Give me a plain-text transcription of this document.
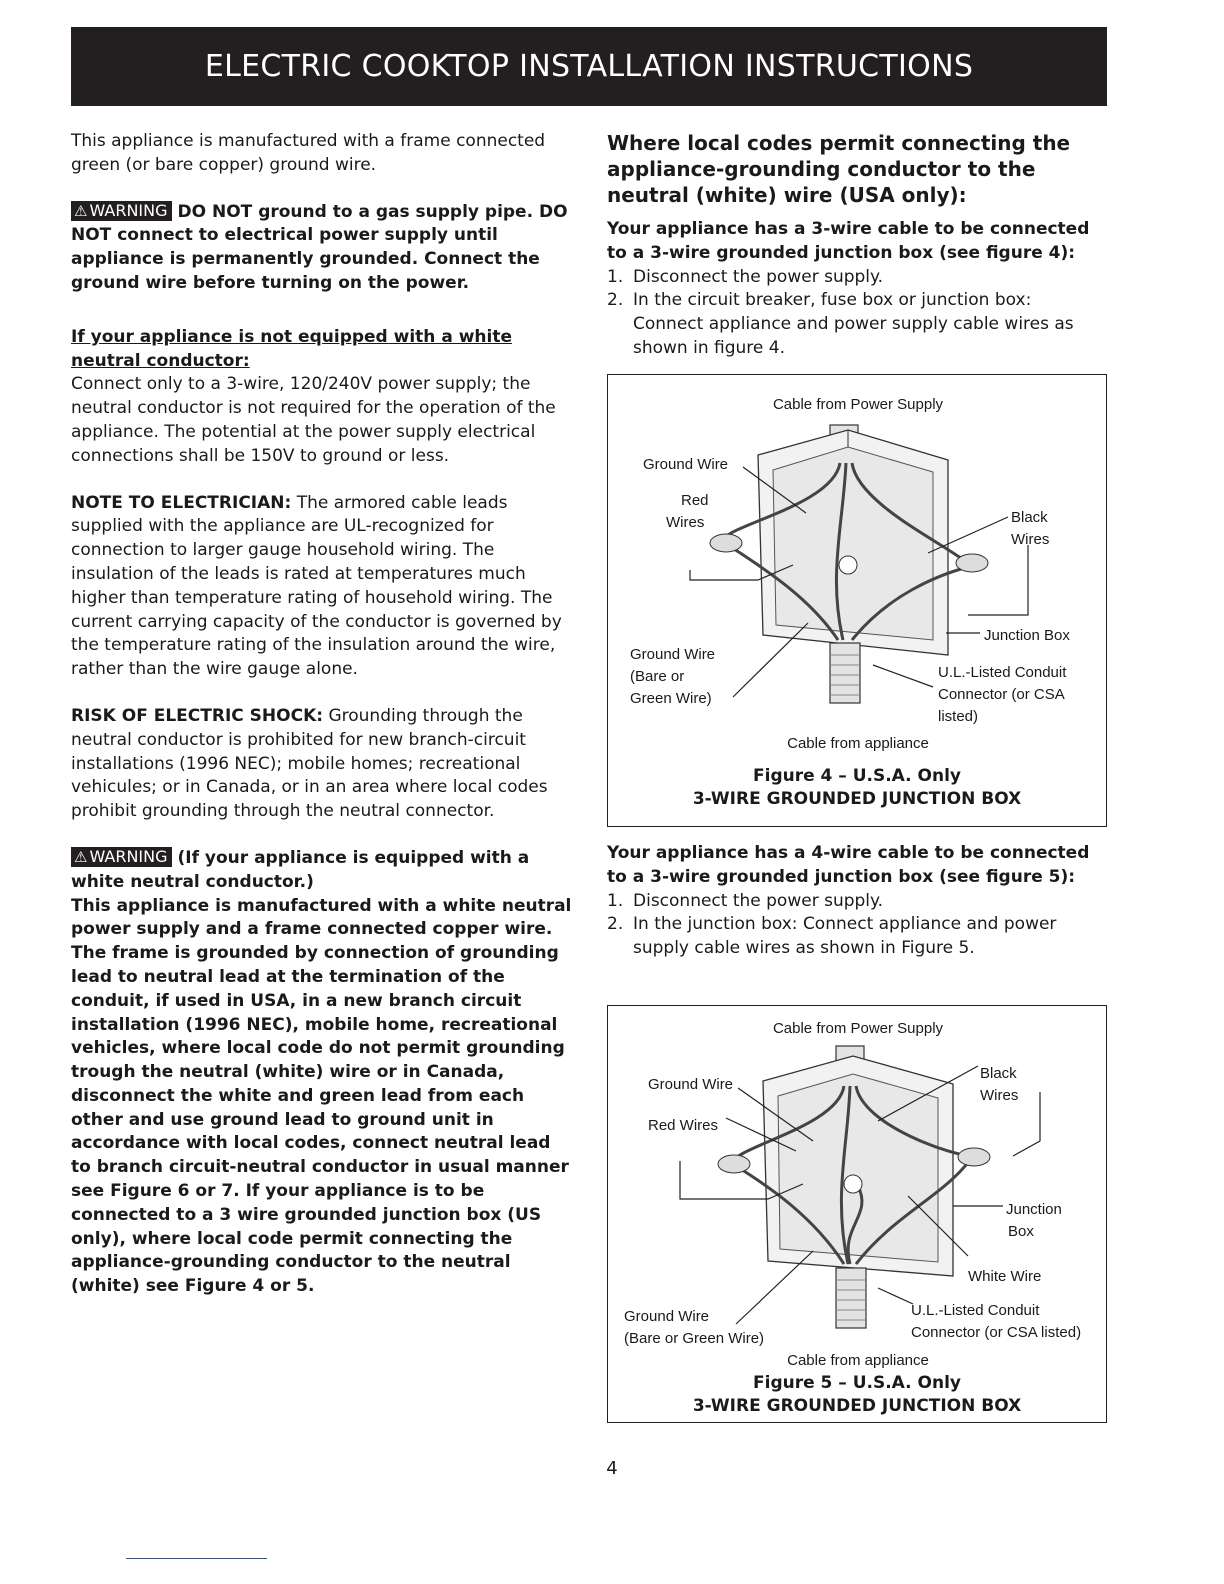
ELECTRIC COOKTOP INSTALLATION INSTRUCTIONS

This appliance is manufactured with a frame connected green (or bare copper) ground wire.

⚠ WARNING DO NOT ground to a gas supply pipe. DO NOT connect to electrical power supply until appliance is permanently grounded. Connect the ground wire before turning on the power.

If your appliance is not equipped with a white neutral conductor:

Connect only to a 3-wire, 120/240V power supply; the neutral conductor is not required for the operation of the appliance. The potential at the power supply electrical connections shall be 150V to ground or less.

NOTE TO ELECTRICIAN: The armored cable leads supplied with the appliance are UL-recognized for connection to larger gauge household wiring. The insulation of the leads is rated at temperatures much higher than temperature rating of household wiring. The current carrying capacity of the conductor is governed by the temperature rating of the insulation around the wire, rather than the wire gauge alone.

RISK OF ELECTRIC SHOCK: Grounding through the neutral conductor is prohibited for new branch-circuit installations (1996 NEC); mobile homes; recreational vehicules; or in Canada, or in an area where local codes prohibit grounding through the neutral connector.

⚠ WARNING (If your appliance is equipped with a white neutral conductor.)

This appliance is manufactured with a white neutral power supply and a frame connected copper wire. The frame is grounded by connection of grounding lead to neutral lead at the termination of the conduit, if used in USA, in a new branch circuit installation (1996 NEC), mobile home, recreational vehicles, where local code do not permit grounding trough the neutral (white) wire or in Canada, disconnect the white and green lead from each other and use ground lead to ground unit in accordance with local codes, connect neutral lead to branch circuit-neutral conductor in usual manner see Figure 6 or 7. If your appliance is to be connected to a 3 wire grounded junction box (US only), where local code permit connecting the appliance-grounding conductor to the neutral (white) see Figure 4 or 5.

Where local codes permit connecting the appliance-grounding conductor to the neutral (white) wire (USA only):

Your appliance has a 3-wire cable to be connected to a 3-wire grounded junction box (see figure 4):

1. Disconnect the power supply.
2. In the circuit breaker, fuse box or junction box: Connect appliance and power supply cable wires as shown in figure 4.

Your appliance has a 4-wire cable to be connected to a 3-wire grounded junction box (see figure 5):

1. Disconnect the power supply.
2. In the junction box: Connect appliance and power supply cable wires as shown in Figure 5.
Cable from Power Supply
Ground Wire
Red
Wires	Black
Wires
Junction Box
Ground Wire
(Bare or
Green Wire)
U.L.-Listed Conduit
Connector (or CSA
listed)
Cable from appliance
Figure 4 – U.S.A. Only
3-WIRE GROUNDED JUNCTION BOX
Cable from Power Supply
Ground Wire
Red Wires
Black
Wires
Junction
Box
White Wire
Ground Wire
(Bare or Green Wire)
U.L.-Listed Conduit
Connector (or CSA listed)
Cable from appliance
Figure 5 – U.S.A. Only
3-WIRE GROUNDED JUNCTION BOX
4
